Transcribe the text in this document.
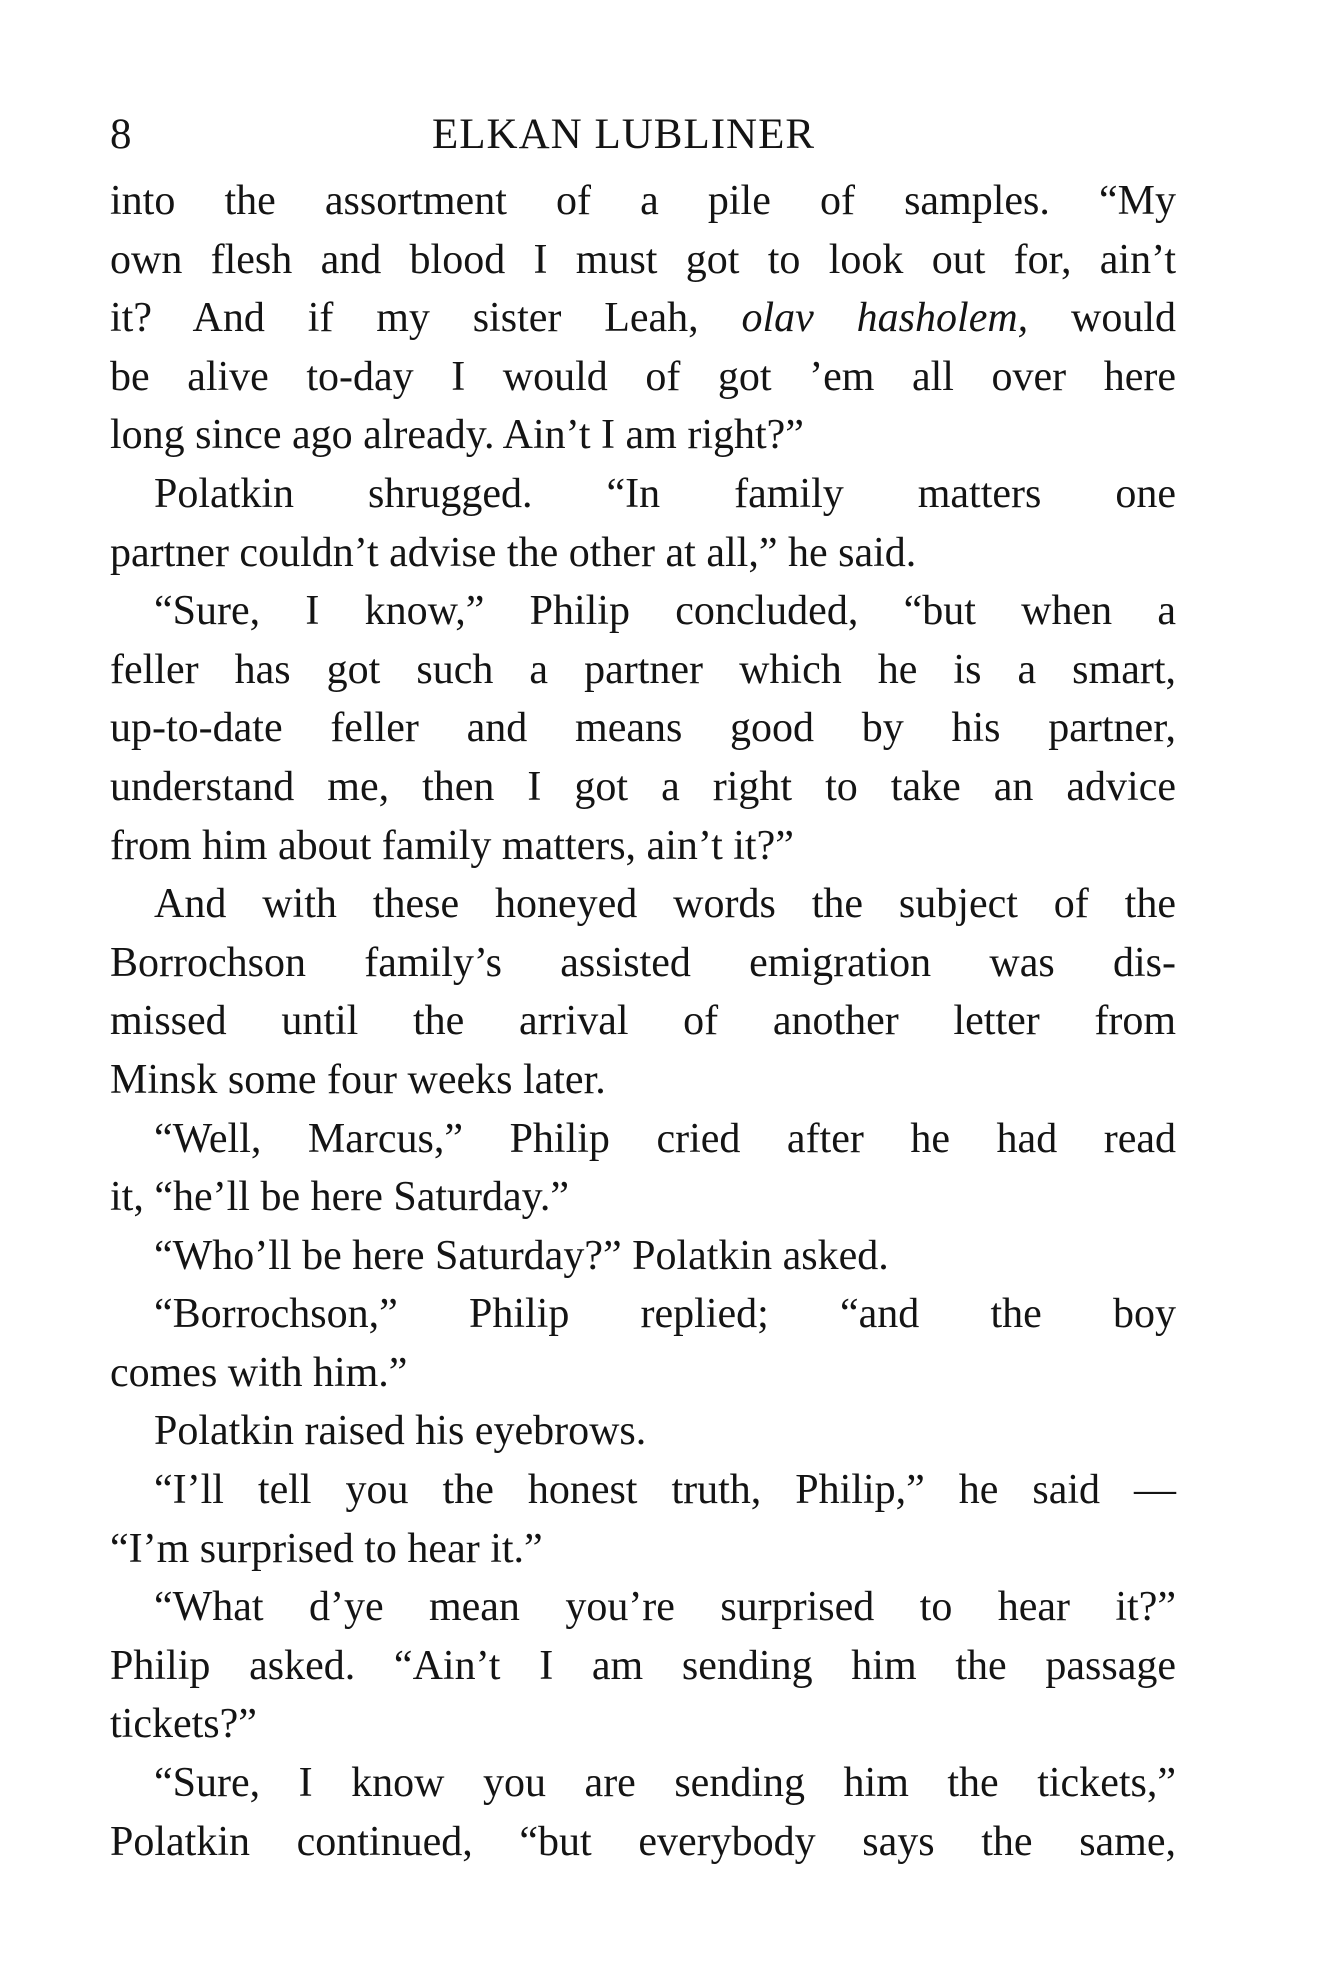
8	ELKAN LUBLINER
into the assortment of a pile of samples. “My
own flesh and blood I must got to look out for, ain’t
it? And if my sister Leah, olav hasholem, would
be alive to-day I would of got ’em all over here
long since ago already. Ain’t I am right?”
Polatkin shrugged. “In family matters one
partner couldn’t advise the other at all,” he said.
“Sure, I know,” Philip concluded, “but when a
feller has got such a partner which he is a smart,
up-to-date feller and means good by his partner,
understand me, then I got a right to take an advice
from him about family matters, ain’t it?”
And with these honeyed words the subject of the
Borrochson family’s assisted emigration was dis-
missed until the arrival of another letter from
Minsk some four weeks later.
“Well, Marcus,” Philip cried after he had read
it, “he’ll be here Saturday.”
“Who’ll be here Saturday?” Polatkin asked.
“Borrochson,” Philip replied; “and the boy
comes with him.”
Polatkin raised his eyebrows.
“I’ll tell you the honest truth, Philip,” he said —
“I’m surprised to hear it.”
“What d’ye mean you’re surprised to hear it?”
Philip asked. “Ain’t I am sending him the passage
tickets?”
“Sure, I know you are sending him the tickets,”
Polatkin continued, “but everybody says the same,
